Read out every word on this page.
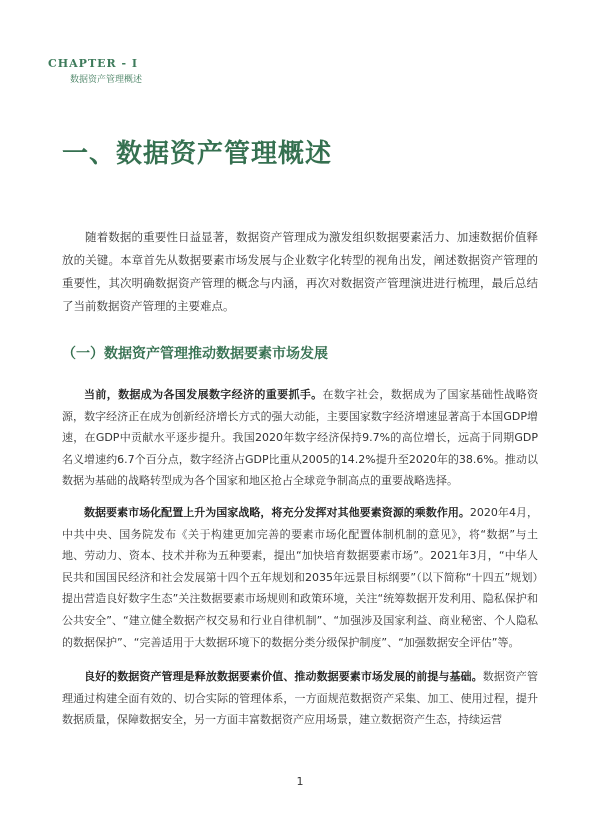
CHAPTER - I
数据资产管理概述
一、数据资产管理概述

随着数据的重要性日益显著，数据资产管理成为激发组织数据要素活力、加速数据价值释放的关键。本章首先从数据要素市场发展与企业数字化转型的视角出发，阐述数据资产管理的重要性，其次明确数据资产管理的概念与内涵，再次对数据资产管理演进进行梳理，最后总结了当前数据资产管理的主要难点。

（一）数据资产管理推动数据要素市场发展

当前，数据成为各国发展数字经济的重要抓手。在数字社会，数据成为了国家基础性战略资源，数字经济正在成为创新经济增长方式的强大动能，主要国家数字经济增速显著高于本国GDP增速，在GDP中贡献水平逐步提升。我国2020年数字经济保持9.7%的高位增长，远高于同期GDP名义增速约6.7个百分点，数字经济占GDP比重从2005的14.2%提升至2020年的38.6%。推动以数据为基础的战略转型成为各个国家和地区抢占全球竞争制高点的重要战略选择。

数据要素市场化配置上升为国家战略，将充分发挥对其他要素资源的乘数作用。2020年4月，中共中央、国务院发布《关于构建更加完善的要素市场化配置体制机制的意见》，将“数据”与土地、劳动力、资本、技术并称为五种要素，提出“加快培育数据要素市场”。2021年3月，“中华人民共和国国民经济和社会发展第十四个五年规划和2035年远景目标纲要”（以下简称“十四五”规划）提出营造良好数字生态”关注数据要素市场规则和政策环境，关注“统筹数据开发利用、隐私保护和公共安全”、“建立健全数据产权交易和行业自律机制”、“加强涉及国家利益、商业秘密、个人隐私的数据保护”、“完善适用于大数据环境下的数据分类分级保护制度”、“加强数据安全评估”等。

良好的数据资产管理是释放数据要素价值、推动数据要素市场发展的前提与基础。数据资产管理通过构建全面有效的、切合实际的管理体系，一方面规范数据资产采集、加工、使用过程，提升数据质量，保障数据安全，另一方面丰富数据资产应用场景，建立数据资产生态，持续运营

1
